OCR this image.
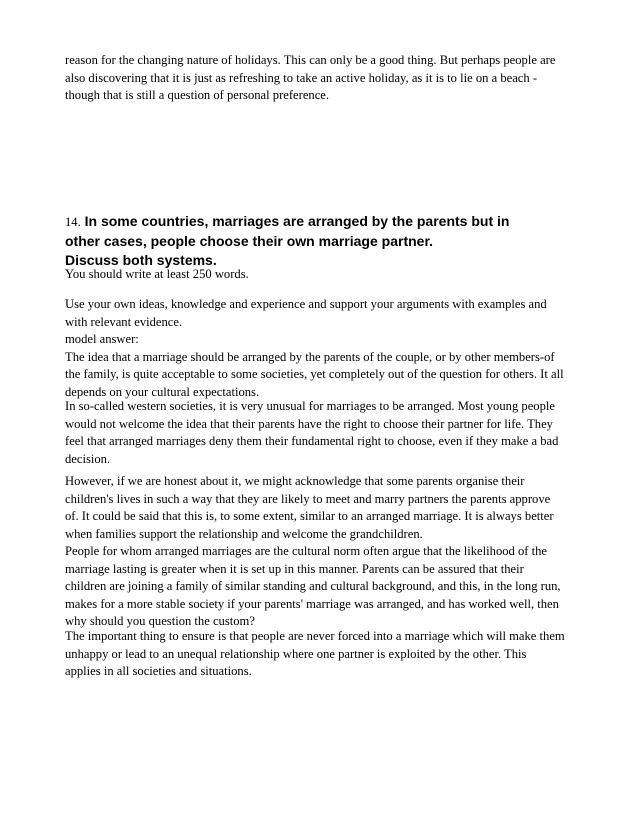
reason for the changing nature of holidays. This can only be a good thing. But perhaps people are
also discovering that it is just as refreshing to take an active holiday, as it is to lie on a beach -
though that is still a question of personal preference.
14. In some countries, marriages are arranged by the parents but in
other cases, people choose their own marriage partner.
Discuss both systems.
You should write at least 250 words.
Use your own ideas, knowledge and experience and support your arguments with examples and
with relevant evidence.
model answer:
The idea that a marriage should be arranged by the parents of the couple, or by other members-of
the family, is quite acceptable to some societies, yet completely out of the question for others. It all
depends on your cultural expectations.
In so-called western societies, it is very unusual for marriages to be arranged. Most young people
would not welcome the idea that their parents have the right to choose their partner for life. They
feel that arranged marriages deny them their fundamental right to choose, even if they make a bad
decision.
However, if we are honest about it, we might acknowledge that some parents organise their
children's lives in such a way that they are likely to meet and marry partners the parents approve
of. It could be said that this is, to some extent, similar to an arranged marriage. It is always better
when families support the relationship and welcome the grandchildren.
People for whom arranged marriages are the cultural norm often argue that the likelihood of the
marriage lasting is greater when it is set up in this manner. Parents can be assured that their
children are joining a family of similar standing and cultural background, and this, in the long run,
makes for a more stable society if your parents' marriage was arranged, and has worked well, then
why should you question the custom?
The important thing to ensure is that people are never forced into a marriage which will make them
unhappy or lead to an unequal relationship where one partner is exploited by the other. This
applies in all societies and situations.
